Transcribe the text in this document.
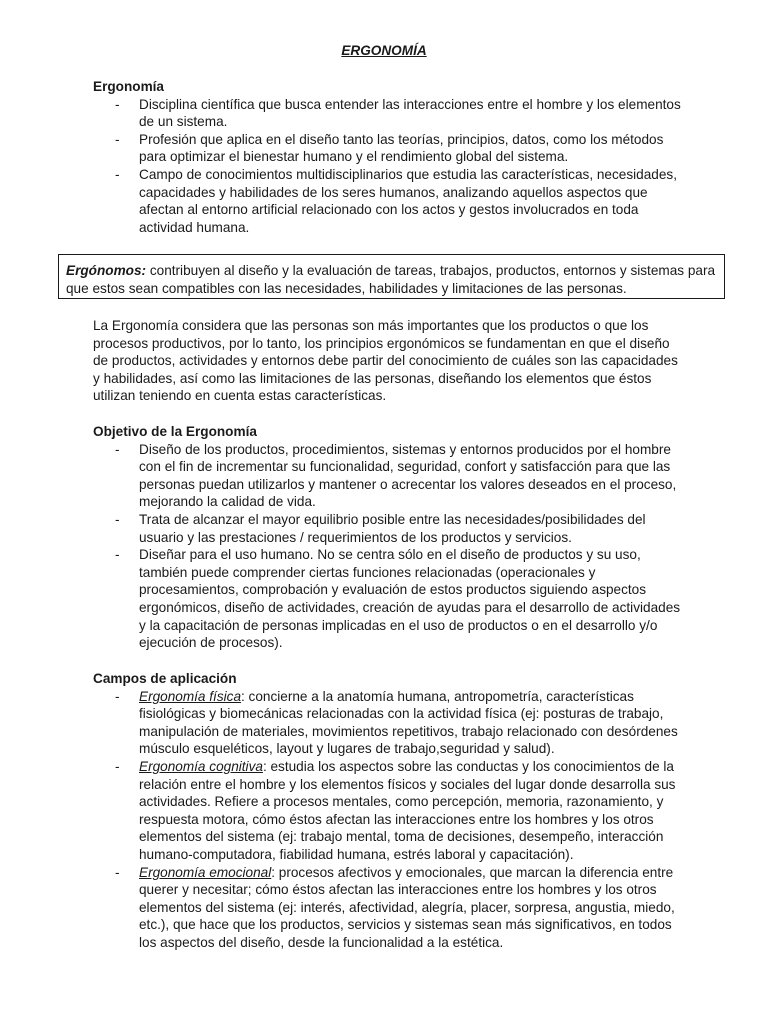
ERGONOMÍA

Ergonomía

- Disciplina científica que busca entender las interacciones entre el hombre y los elementos de un sistema.
- Profesión que aplica en el diseño tanto las teorías, principios, datos, como los métodos para optimizar el bienestar humano y el rendimiento global del sistema.
- Campo de conocimientos multidisciplinarios que estudia las características, necesidades, capacidades y habilidades de los seres humanos, analizando aquellos aspectos que afectan al entorno artificial relacionado con los actos y gestos involucrados en toda actividad humana.
Ergónomos: contribuyen al diseño y la evaluación de tareas, trabajos, productos, entornos y sistemas para que estos sean compatibles con las necesidades, habilidades y limitaciones de las personas.
La Ergonomía considera que las personas son más importantes que los productos o que los procesos productivos, por lo tanto, los principios ergonómicos se fundamentan en que el diseño de productos, actividades y entornos debe partir del conocimiento de cuáles son las capacidades y habilidades, así como las limitaciones de las personas, diseñando los elementos que éstos utilizan teniendo en cuenta estas características.

Objetivo de la Ergonomía

- Diseño de los productos, procedimientos, sistemas y entornos producidos por el hombre con el fin de incrementar su funcionalidad, seguridad, confort y satisfacción para que las personas puedan utilizarlos y mantener o acrecentar los valores deseados en el proceso, mejorando la calidad de vida.
- Trata de alcanzar el mayor equilibrio posible entre las necesidades/posibilidades del usuario y las prestaciones / requerimientos de los productos y servicios.
- Diseñar para el uso humano. No se centra sólo en el diseño de productos y su uso, también puede comprender ciertas funciones relacionadas (operacionales y procesamientos, comprobación y evaluación de estos productos siguiendo aspectos ergonómicos, diseño de actividades, creación de ayudas para el desarrollo de actividades y la capacitación de personas implicadas en el uso de productos o en el desarrollo y/o ejecución de procesos).

Campos de aplicación

- Ergonomía física: concierne a la anatomía humana, antropometría, características fisiológicas y biomecánicas relacionadas con la actividad física (ej: posturas de trabajo, manipulación de materiales, movimientos repetitivos, trabajo relacionado con desórdenes músculo esqueléticos, layout y lugares de trabajo,seguridad y salud).
- Ergonomía cognitiva: estudia los aspectos sobre las conductas y los conocimientos de la relación entre el hombre y los elementos físicos y sociales del lugar donde desarrolla sus actividades. Refiere a procesos mentales, como percepción, memoria, razonamiento, y respuesta motora, cómo éstos afectan las interacciones entre los hombres y los otros elementos del sistema (ej: trabajo mental, toma de decisiones, desempeño, interacción humano-computadora, fiabilidad humana, estrés laboral y capacitación).
- Ergonomía emocional: procesos afectivos y emocionales, que marcan la diferencia entre querer y necesitar; cómo éstos afectan las interacciones entre los hombres y los otros elementos del sistema (ej: interés, afectividad, alegría, placer, sorpresa, angustia, miedo, etc.), que hace que los productos, servicios y sistemas sean más significativos, en todos los aspectos del diseño, desde la funcionalidad a la estética.
